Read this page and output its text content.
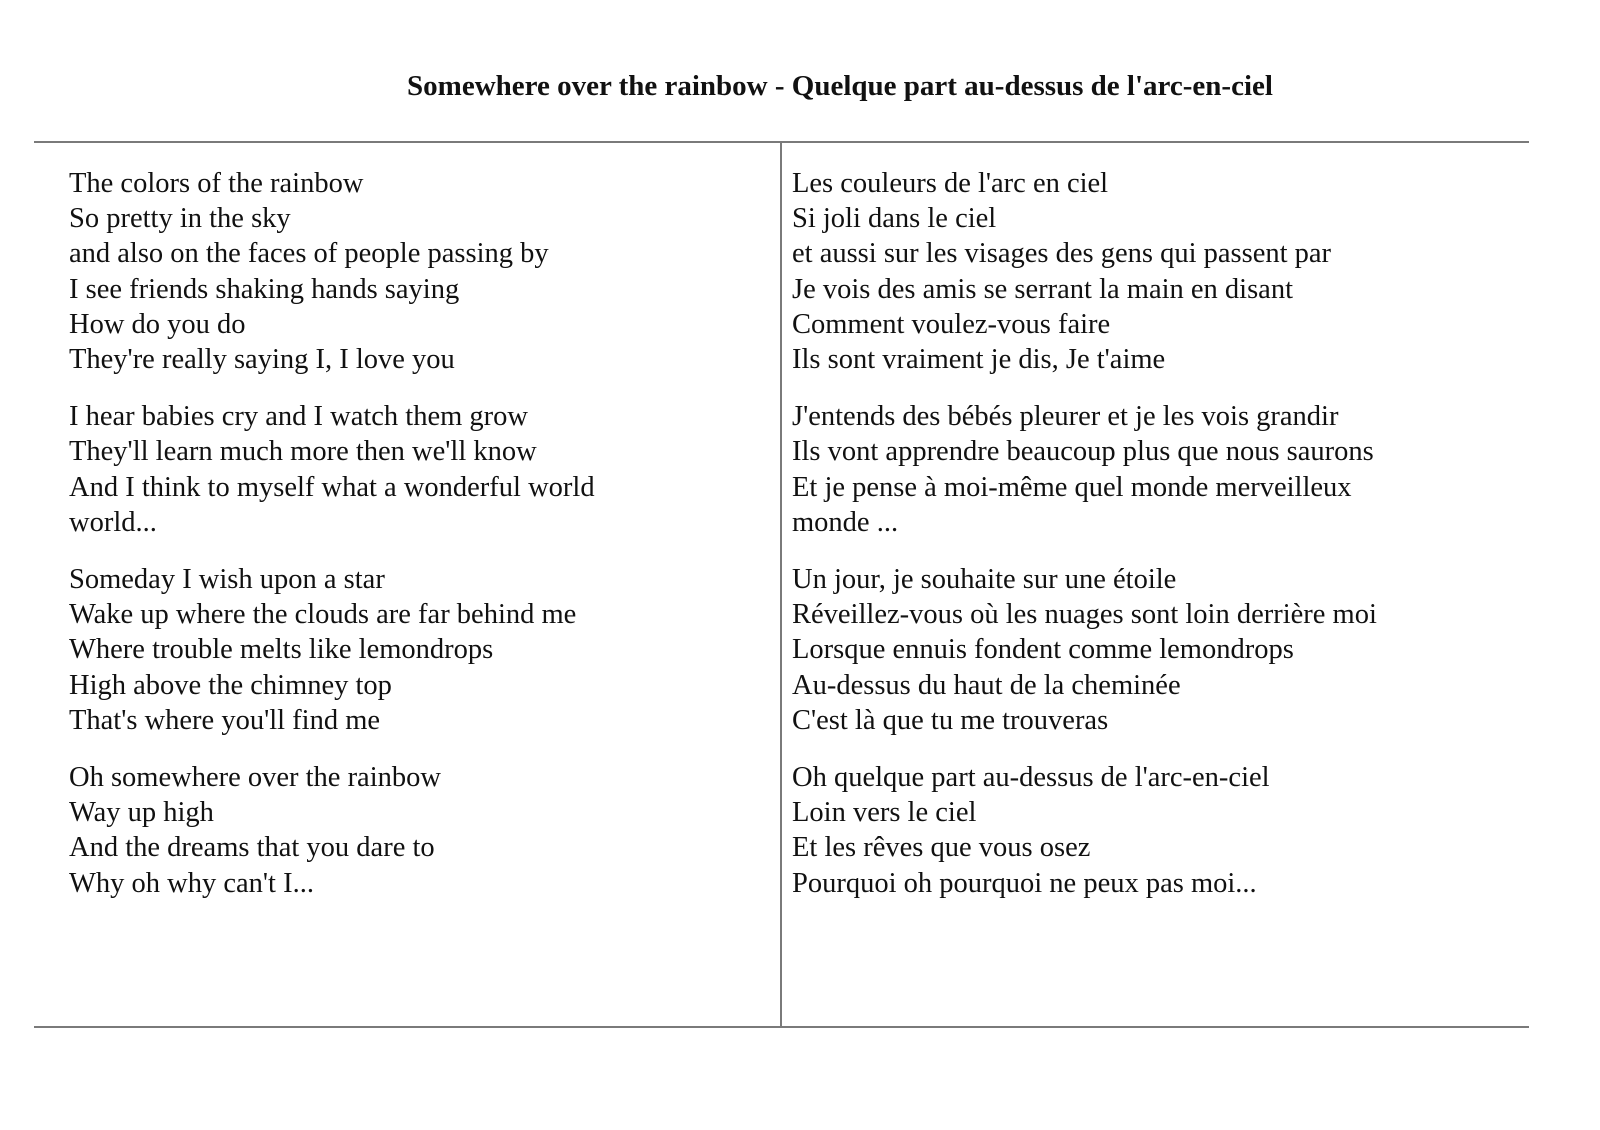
Somewhere over the rainbow - Quelque part au-dessus de l'arc-en-ciel
The colors of the rainbow
So pretty in the sky
and also on the faces of people passing by
I see friends shaking hands saying
How do you do
They're really saying I, I love you
I hear babies cry and I watch them grow
They'll learn much more then we'll know
And I think to myself what a wonderful world
world...
Someday I wish upon a star
Wake up where the clouds are far behind me
Where trouble melts like lemondrops
High above the chimney top
That's where you'll find me
Oh somewhere over the rainbow
Way up high
And the dreams that you dare to
Why oh why can't I...
Les couleurs de l'arc en ciel
Si joli dans le ciel
et aussi sur les visages des gens qui passent par
Je vois des amis se serrant la main en disant
Comment voulez-vous faire
Ils sont vraiment je dis, Je t'aime
J'entends des bébés pleurer et je les vois grandir
Ils vont apprendre beaucoup plus que nous saurons
Et je pense à moi-même quel monde merveilleux
monde ...
Un jour, je souhaite sur une étoile
Réveillez-vous où les nuages sont loin derrière moi
Lorsque ennuis fondent comme lemondrops
Au-dessus du haut de la cheminée
C'est là que tu me trouveras
Oh quelque part au-dessus de l'arc-en-ciel
Loin vers le ciel
Et les rêves que vous osez
Pourquoi oh pourquoi ne peux pas moi...
